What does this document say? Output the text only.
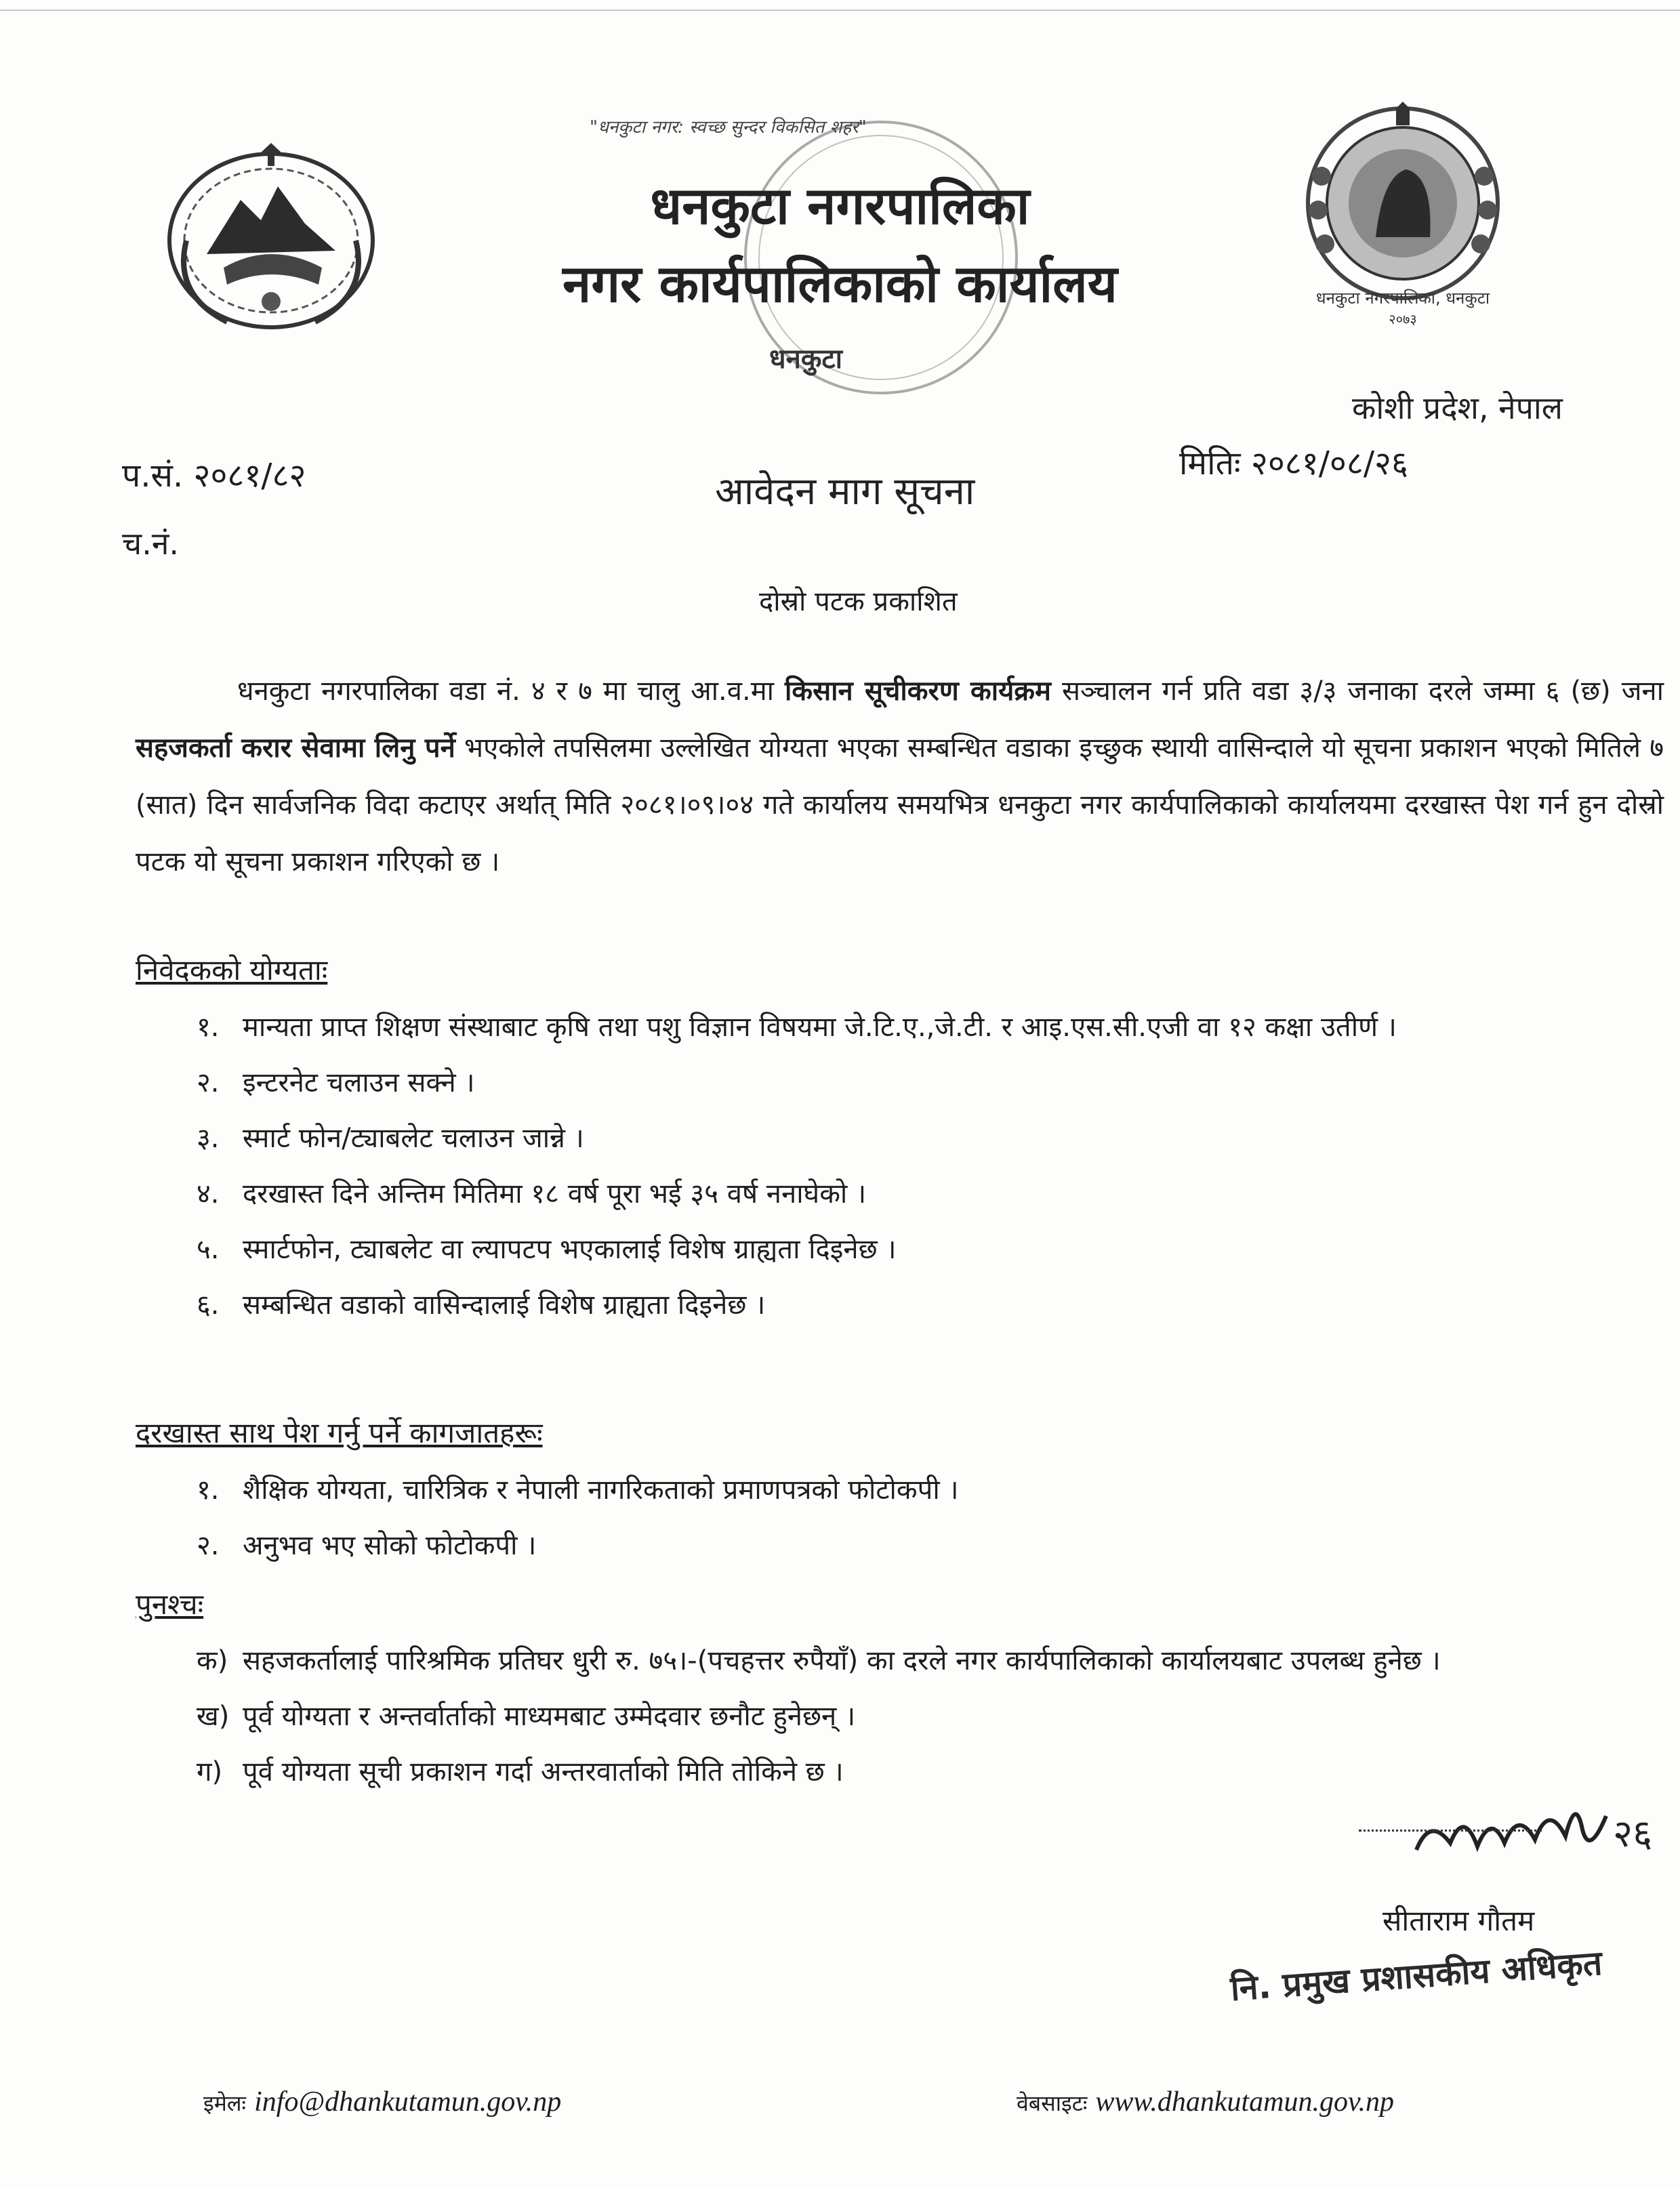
धनकुटा नगरपालिका, धनकुटा
२०७३
"धनकुटा नगर: स्वच्छ सुन्दर विकसित शहर"
धनकुटा नगरपालिका
नगर कार्यपालिकाको कार्यालय
धनकुटा
कोशी प्रदेश, नेपाल
प.सं. २०८१/८२
च.नं.
आवेदन माग सूचना
मितिः २०८१/०८/२६
दोस्रो पटक प्रकाशित

धनकुटा नगरपालिका वडा नं. ४ र ७ मा चालु आ.व.मा किसान सूचीकरण कार्यक्रम सञ्चालन गर्न प्रति वडा ३/३ जनाका दरले जम्मा ६ (छ) जना सहजकर्ता करार सेवामा लिनु पर्ने भएकोले तपसिलमा उल्लेखित योग्यता भएका सम्बन्धित वडाका इच्छुक स्थायी वासिन्दाले यो सूचना प्रकाशन भएको मितिले ७ (सात) दिन सार्वजनिक विदा कटाएर अर्थात् मिति २०८१।०९।०४ गते कार्यालय समयभित्र धनकुटा नगर कार्यपालिकाको कार्यालयमा दरखास्त पेश गर्न हुन दोस्रो पटक यो सूचना प्रकाशन गरिएको छ ।

निवेदकको योग्यताः
१. मान्यता प्राप्त शिक्षण संस्थाबाट कृषि तथा पशु विज्ञान विषयमा जे.टि.ए.,जे.टी. र आइ.एस.सी.एजी वा १२ कक्षा उतीर्ण ।
२. इन्टरनेट चलाउन सक्ने ।
३. स्मार्ट फोन/ट्याबलेट चलाउन जान्ने ।
४. दरखास्त दिने अन्तिम मितिमा १८ वर्ष पूरा भई ३५ वर्ष ननाघेको ।
५. स्मार्टफोन, ट्याबलेट वा ल्यापटप भएकालाई विशेष ग्राह्यता दिइनेछ ।
६. सम्बन्धित वडाको वासिन्दालाई विशेष ग्राह्यता दिइनेछ ।
दरखास्त साथ पेश गर्नु पर्ने कागजातहरूः
१. शैक्षिक योग्यता, चारित्रिक र नेपाली नागरिकताको प्रमाणपत्रको फोटोकपी ।
२. अनुभव भए सोको फोटोकपी ।
पुनश्चः
क) सहजकर्तालाई पारिश्रमिक प्रतिघर धुरी रु. ७५।-(पचहत्तर रुपैयाँ) का दरले नगर कार्यपालिकाको कार्यालयबाट उपलब्ध हुनेछ ।
ख) पूर्व योग्यता र अन्तर्वार्ताको माध्यमबाट उम्मेदवार छनौट हुनेछन् ।
ग) पूर्व योग्यता सूची प्रकाशन गर्दा अन्तरवार्ताको मिति तोकिने छ ।
२६
सीताराम गौतम
नि. प्रमुख प्रशासकीय अधिकृत
इमेलः info@dhankutamun.gov.np	वेबसाइटः www.dhankutamun.gov.np
